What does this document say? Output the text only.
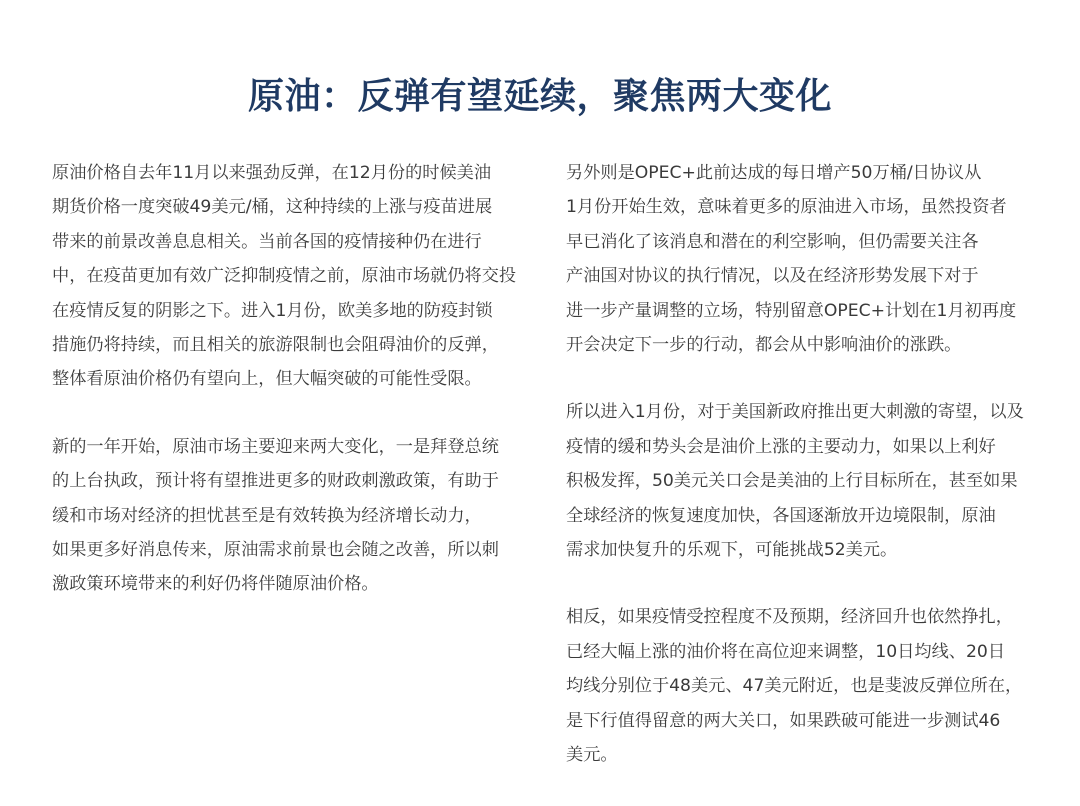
原油：反弹有望延续，聚焦两大变化
原油价格自去年11月以来强劲反弹，在12月份的时候美油
期货价格一度突破49美元/桶，这种持续的上涨与疫苗进展
带来的前景改善息息相关。当前各国的疫情接种仍在进行
中，在疫苗更加有效广泛抑制疫情之前，原油市场就仍将交投
在疫情反复的阴影之下。进入1月份，欧美多地的防疫封锁
措施仍将持续，而且相关的旅游限制也会阻碍油价的反弹，
整体看原油价格仍有望向上，但大幅突破的可能性受限。
新的一年开始，原油市场主要迎来两大变化，一是拜登总统
的上台执政，预计将有望推进更多的财政刺激政策，有助于
缓和市场对经济的担忧甚至是有效转换为经济增长动力，
如果更多好消息传来，原油需求前景也会随之改善，所以刺
激政策环境带来的利好仍将伴随原油价格。
另外则是OPEC+此前达成的每日增产50万桶/日协议从
1月份开始生效，意味着更多的原油进入市场，虽然投资者
早已消化了该消息和潜在的利空影响，但仍需要关注各
产油国对协议的执行情况，以及在经济形势发展下对于
进一步产量调整的立场，特别留意OPEC+计划在1月初再度
开会决定下一步的行动，都会从中影响油价的涨跌。
所以进入1月份，对于美国新政府推出更大刺激的寄望，以及
疫情的缓和势头会是油价上涨的主要动力，如果以上利好
积极发挥，50美元关口会是美油的上行目标所在，甚至如果
全球经济的恢复速度加快，各国逐渐放开边境限制，原油
需求加快复升的乐观下，可能挑战52美元。
相反，如果疫情受控程度不及预期，经济回升也依然挣扎，
已经大幅上涨的油价将在高位迎来调整，10日均线、20日
均线分别位于48美元、47美元附近，也是斐波反弹位所在，
是下行值得留意的两大关口，如果跌破可能进一步测试46
美元。
